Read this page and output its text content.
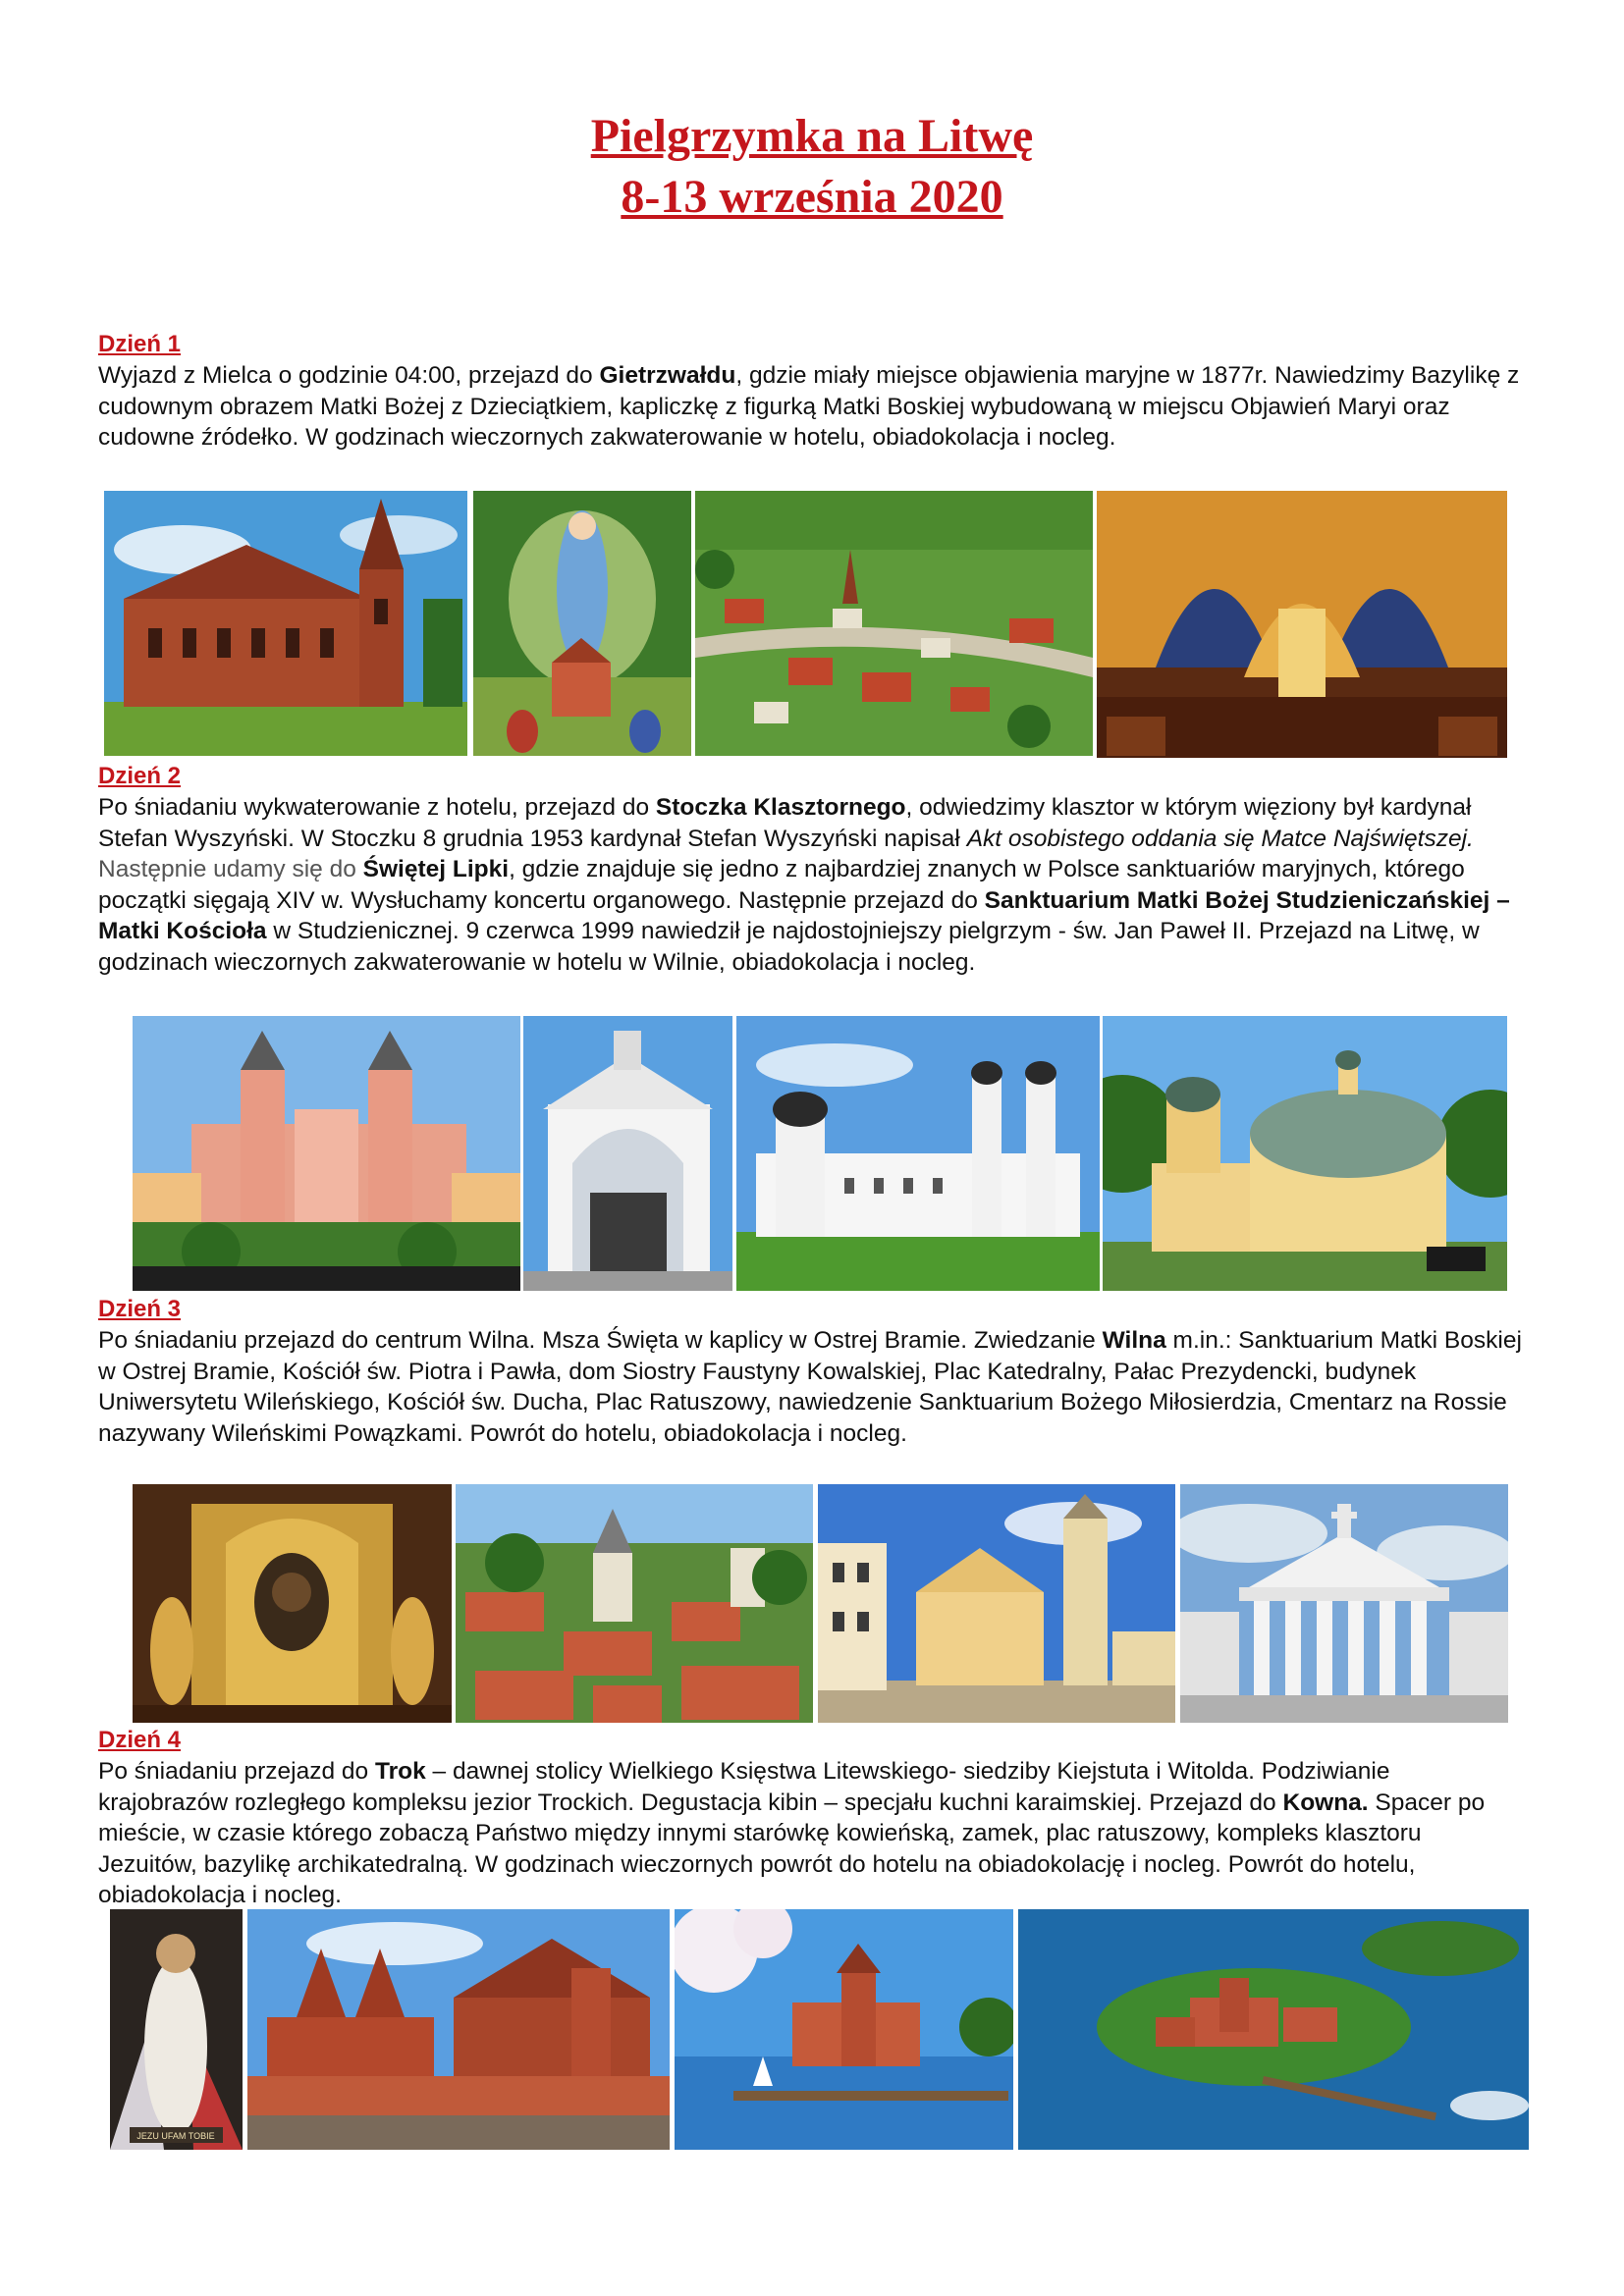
Pielgrzymka na Litwę
8-13 września 2020
Dzień 1
Wyjazd z Mielca o godzinie 04:00, przejazd do Gietrzwałdu, gdzie miały miejsce objawienia maryjne w 1877r. Nawiedzimy Bazylikę z cudownym obrazem Matki Bożej z Dzieciątkiem, kapliczkę z figurką Matki Boskiej wybudowaną w miejscu Objawień Maryi oraz cudowne źródełko. W godzinach wieczornych zakwaterowanie w hotelu, obiadokolacja i nocleg.
Dzień 2
Po śniadaniu wykwaterowanie z hotelu, przejazd do Stoczka Klasztornego, odwiedzimy klasztor w którym więziony był kardynał Stefan Wyszyński. W Stoczku 8 grudnia 1953 kardynał Stefan Wyszyński napisał Akt osobistego oddania się Matce Najświętszej. Następnie udamy się do Świętej Lipki, gdzie znajduje się jedno z najbardziej znanych w Polsce sanktuariów maryjnych, którego początki sięgają XIV w. Wysłuchamy koncertu organowego. Następnie przejazd do Sanktuarium Matki Bożej Studzieniczańskiej – Matki Kościoła w Studzienicznej. 9 czerwca 1999 nawiedził je najdostojniejszy pielgrzym - św. Jan Paweł II. Przejazd na Litwę, w godzinach wieczornych zakwaterowanie w hotelu w Wilnie, obiadokolacja i nocleg.
Dzień 3
Po śniadaniu przejazd do centrum Wilna. Msza Święta w kaplicy w Ostrej Bramie. Zwiedzanie Wilna m.in.: Sanktuarium Matki Boskiej w Ostrej Bramie, Kościół św. Piotra i Pawła, dom Siostry Faustyny Kowalskiej, Plac Katedralny, Pałac Prezydencki, budynek Uniwersytetu Wileńskiego, Kościół św. Ducha, Plac Ratuszowy, nawiedzenie Sanktuarium Bożego Miłosierdzia, Cmentarz na Rossie nazywany Wileńskimi Powązkami. Powrót do hotelu, obiadokolacja i nocleg.
Dzień 4
Po śniadaniu przejazd do Trok – dawnej stolicy Wielkiego Księstwa Litewskiego- siedziby Kiejstuta i Witolda. Podziwianie krajobrazów rozległego kompleksu jezior Trockich. Degustacja kibin – specjału kuchni karaimskiej. Przejazd do Kowna. Spacer po mieście, w czasie którego zobaczą Państwo między innymi starówkę kowieńską, zamek, plac ratuszowy, kompleks klasztoru Jezuitów, bazylikę archikatedralną. W godzinach wieczornych powrót do hotelu na obiadokolację i nocleg. Powrót do hotelu, obiadokolacja i nocleg.
JEZU UFAM TOBIE
